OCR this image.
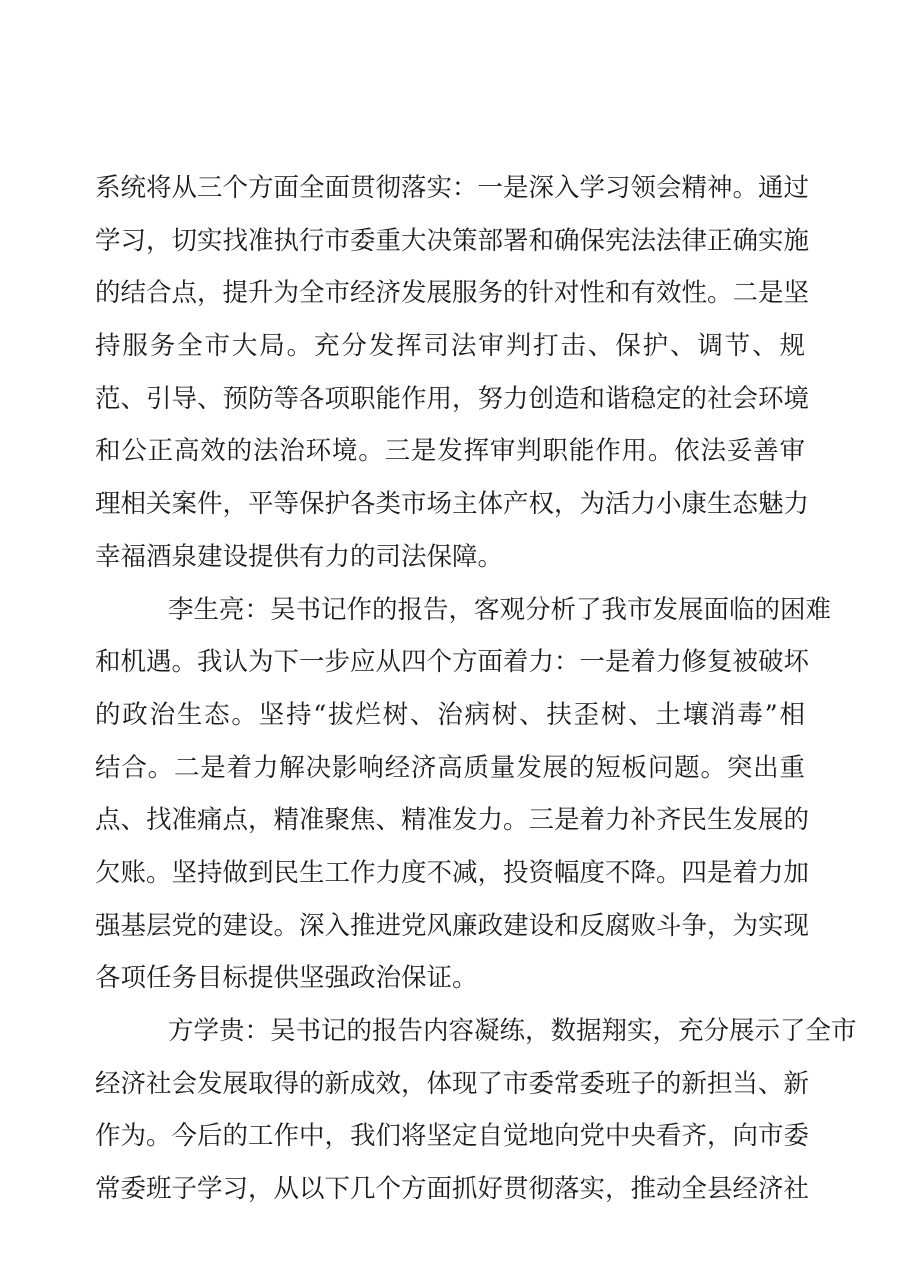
系统将从三个方面全面贯彻落实：一是深入学习领会精神。通过
学习，切实找准执行市委重大决策部署和确保宪法法律正确实施
的结合点，提升为全市经济发展服务的针对性和有效性。二是坚
持服务全市大局。充分发挥司法审判打击、保护、调节、规
范、引导、预防等各项职能作用，努力创造和谐稳定的社会环境
和公正高效的法治环境。三是发挥审判职能作用。依法妥善审
理相关案件，平等保护各类市场主体产权，为活力小康生态魅力
幸福酒泉建设提供有力的司法保障。
李生亮：吴书记作的报告，客观分析了我市发展面临的困难
和机遇。我认为下一步应从四个方面着力：一是着力修复被破坏
的政治生态。坚持“拔烂树、治病树、扶歪树、土壤消毒”相
结合。二是着力解决影响经济高质量发展的短板问题。突出重
点、找准痛点，精准聚焦、精准发力。三是着力补齐民生发展的
欠账。坚持做到民生工作力度不减，投资幅度不降。四是着力加
强基层党的建设。深入推进党风廉政建设和反腐败斗争，为实现
各项任务目标提供坚强政治保证。
方学贵：吴书记的报告内容凝练，数据翔实，充分展示了全市
经济社会发展取得的新成效，体现了市委常委班子的新担当、新
作为。今后的工作中，我们将坚定自觉地向党中央看齐，向市委
常委班子学习，从以下几个方面抓好贯彻落实，推动全县经济社
